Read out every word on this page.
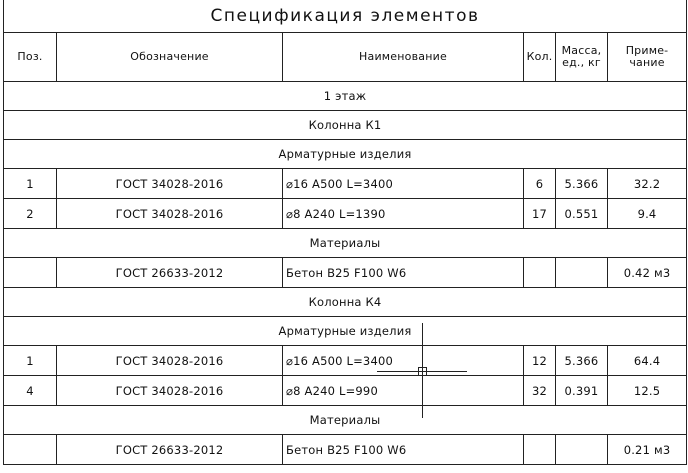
Спецификация элементов					
Поз.	Обозначение	Наименование	Кол.	Масса, ед., кг	Приме- чание
1 этаж					
Колонна К1					
Арматурные изделия					
1	ГОСТ 34028-2016	⌀16 A500 L=3400	6	5.366	32.2
2	ГОСТ 34028-2016	⌀8 A240 L=1390	17	0.551	9.4
Материалы					
	ГОСТ 26633-2012	Бетон B25 F100 W6			0.42 м3
Колонна К4					
Арматурные изделия					
1	ГОСТ 34028-2016	⌀16 A500 L=3400	12	5.366	64.4
4	ГОСТ 34028-2016	⌀8 A240 L=990	32	0.391	12.5
Материалы					
	ГОСТ 26633-2012	Бетон B25 F100 W6			0.21 м3
